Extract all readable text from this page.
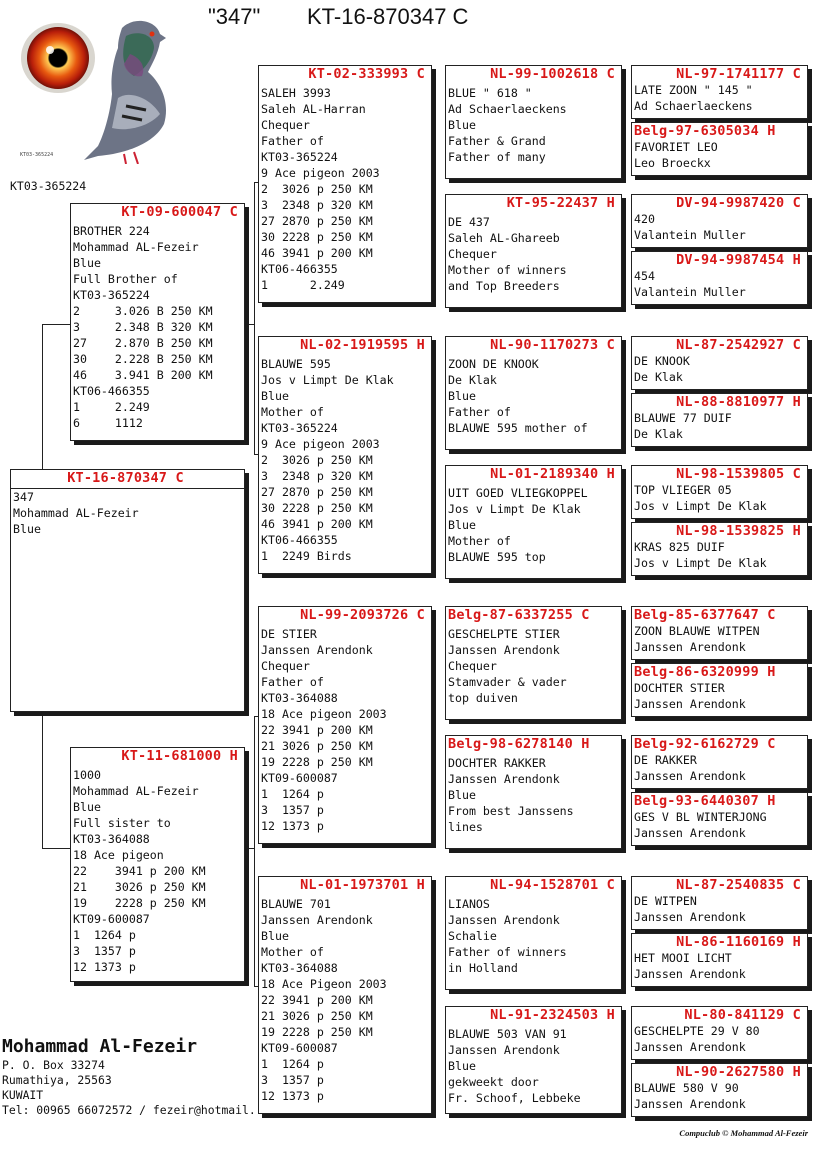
"347" KT-16-870347 C
KT03-365224
KT03-365224
KT-16-870347 C
347
Mohammad AL-Fezeir
Blue
KT-09-600047 C
BROTHER 224
Mohammad AL-Fezeir
Blue
Full Brother of
KT03-365224
2     3.026 B 250 KM
3     2.348 B 320 KM
27    2.870 B 250 KM
30    2.228 B 250 KM
46    3.941 B 200 KM
KT06-466355
1     2.249
6     1112
KT-11-681000 H
1000
Mohammad AL-Fezeir
Blue
Full sister to
KT03-364088
18 Ace pigeon
22    3941 p 200 KM
21    3026 p 250 KM
19    2228 p 250 KM
KT09-600087
1  1264 p
3  1357 p
12 1373 p
KT-02-333993 C
SALEH 3993
Saleh AL-Harran
Chequer
Father of
KT03-365224
9 Ace pigeon 2003
2  3026 p 250 KM
3  2348 p 320 KM
27 2870 p 250 KM
30 2228 p 250 KM
46 3941 p 200 KM
KT06-466355
1      2.249
NL-02-1919595 H
BLAUWE 595
Jos v Limpt De Klak
Blue
Mother of
KT03-365224
9 Ace pigeon 2003
2  3026 p 250 KM
3  2348 p 320 KM
27 2870 p 250 KM
30 2228 p 250 KM
46 3941 p 200 KM
KT06-466355
1  2249 Birds
NL-99-2093726 C
DE STIER
Janssen Arendonk
Chequer
Father of
KT03-364088
18 Ace pigeon 2003
22 3941 p 200 KM
21 3026 p 250 KM
19 2228 p 250 KM
KT09-600087
1  1264 p
3  1357 p
12 1373 p
NL-01-1973701 H
BLAUWE 701
Janssen Arendonk
Blue
Mother of
KT03-364088
18 Ace Pigeon 2003
22 3941 p 200 KM
21 3026 p 250 KM
19 2228 p 250 KM
KT09-600087
1  1264 p
3  1357 p
12 1373 p
NL-99-1002618 C
BLUE " 618 "
Ad Schaerlaeckens
Blue
Father & Grand
Father of many
KT-95-22437 H
DE 437
Saleh AL-Ghareeb
Chequer
Mother of winners
and Top Breeders
NL-90-1170273 C
ZOON DE KNOOK
De Klak
Blue
Father of
BLAUWE 595 mother of
NL-01-2189340 H
UIT GOED VLIEGKOPPEL
Jos v Limpt De Klak
Blue
Mother of
BLAUWE 595 top
Belg-87-6337255 C
GESCHELPTE STIER
Janssen Arendonk
Chequer
Stamvader & vader
top duiven
Belg-98-6278140 H
DOCHTER RAKKER
Janssen Arendonk
Blue
From best Janssens
lines
NL-94-1528701 C
LIANOS
Janssen Arendonk
Schalie
Father of winners
in Holland
NL-91-2324503 H
BLAUWE 503 VAN 91
Janssen Arendonk
Blue
gekweekt door
Fr. Schoof, Lebbeke
NL-97-1741177 C
LATE ZOON " 145 "
Ad Schaerlaeckens
Belg-97-6305034 H
FAVORIET LEO
Leo Broeckx
DV-94-9987420 C
420
Valantein Muller
DV-94-9987454 H
454
Valantein Muller
NL-87-2542927 C
DE KNOOK
De Klak
NL-88-8810977 H
BLAUWE 77 DUIF
De Klak
NL-98-1539805 C
TOP VLIEGER 05
Jos v Limpt De Klak
NL-98-1539825 H
KRAS 825 DUIF
Jos v Limpt De Klak
Belg-85-6377647 C
ZOON BLAUWE WITPEN
Janssen Arendonk
Belg-86-6320999 H
DOCHTER STIER
Janssen Arendonk
Belg-92-6162729 C
DE RAKKER
Janssen Arendonk
Belg-93-6440307 H
GES V BL WINTERJONG
Janssen Arendonk
NL-87-2540835 C
DE WITPEN
Janssen Arendonk
NL-86-1160169 H
HET MOOI LICHT
Janssen Arendonk
NL-80-841129 C
GESCHELPTE 29 V 80
Janssen Arendonk
NL-90-2627580 H
BLAUWE 580 V 90
Janssen Arendonk
Mohammad Al-Fezeir
P. O. Box 33274
Rumathiya, 25563
KUWAIT
Tel: 00965 66072572 / fezeir@hotmail.
Compuclub © Mohammad Al-Fezeir
